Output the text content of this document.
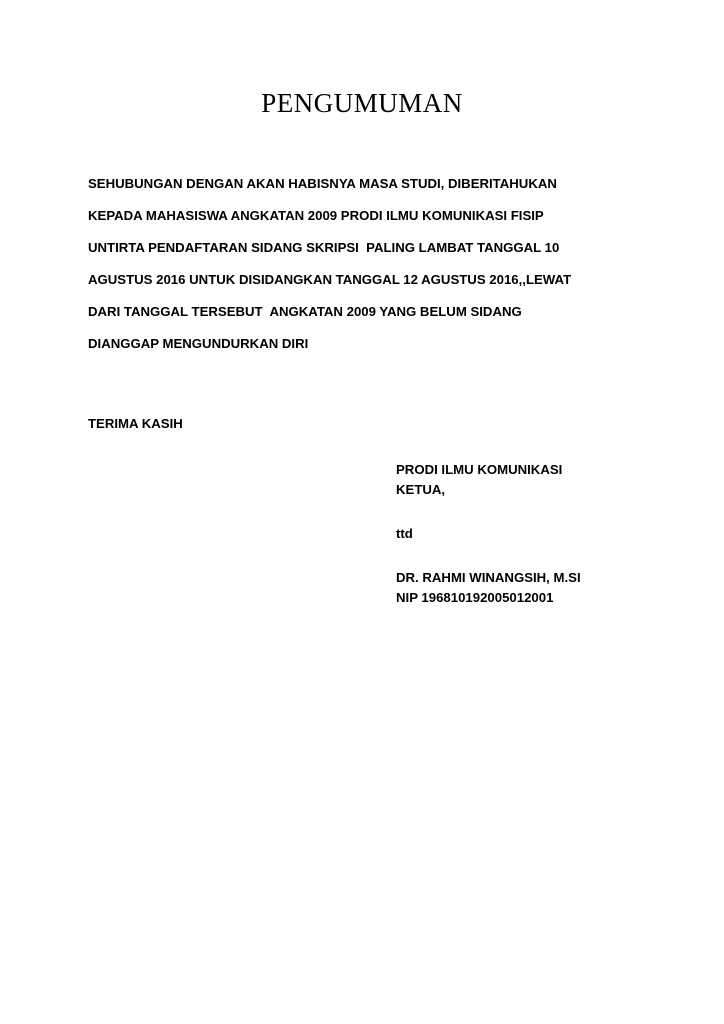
PENGUMUMAN
SEHUBUNGAN DENGAN AKAN HABISNYA MASA STUDI, DIBERITAHUKAN
KEPADA MAHASISWA ANGKATAN 2009 PRODI ILMU KOMUNIKASI FISIP
UNTIRTA PENDAFTARAN SIDANG SKRIPSI  PALING LAMBAT TANGGAL 10
AGUSTUS 2016 UNTUK DISIDANGKAN TANGGAL 12 AGUSTUS 2016,,LEWAT
DARI TANGGAL TERSEBUT  ANGKATAN 2009 YANG BELUM SIDANG
DIANGGAP MENGUNDURKAN DIRI

TERIMA KASIH

PRODI ILMU KOMUNIKASI
KETUA,
ttd
DR. RAHMI WINANGSIH, M.SI
NIP 196810192005012001
